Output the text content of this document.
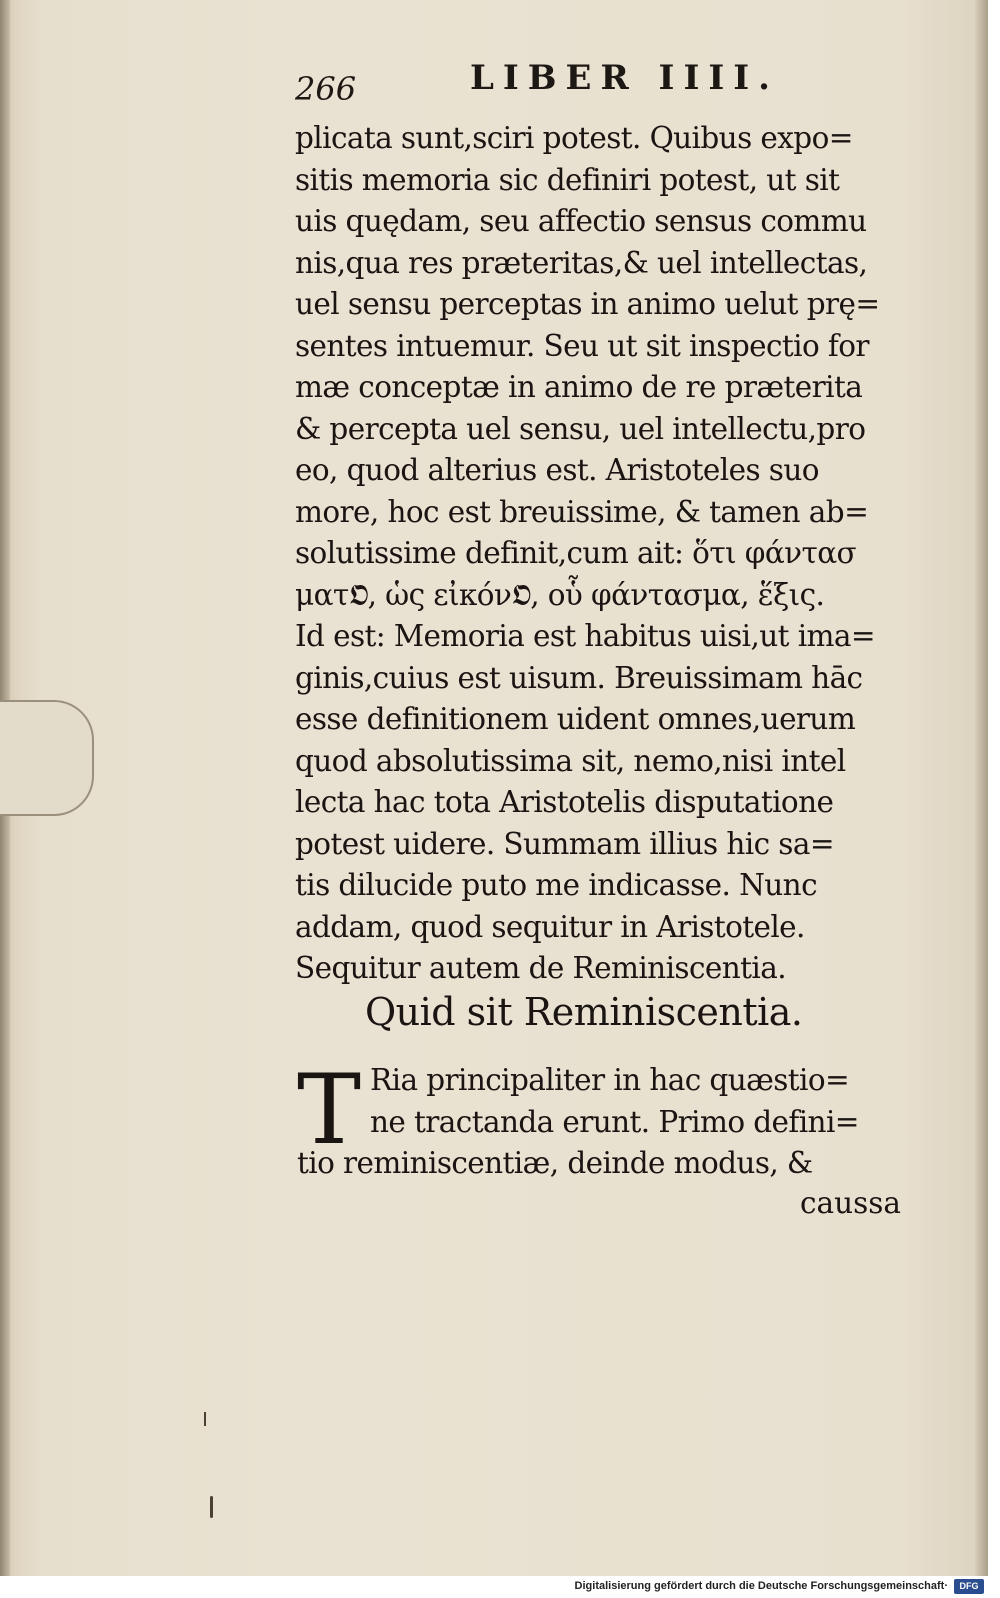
266	LIBER IIII.
plicata sunt,sciri potest. Quibus expo=
sitis memoria sic definiri potest, ut sit
uis quędam, seu affectio sensus commu
nis,qua res præteritas,& uel intellectas,
uel sensu perceptas in animo uelut prę=
sentes intuemur. Seu ut sit inspectio for
mæ conceptæ in animo de re præterita
& percepta uel sensu, uel intellectu,pro
eo, quod alterius est. Aristoteles suo
more, hoc est breuissime, & tamen ab=
solutissime definit,cum ait: ὅτι φάντασ
ματ𝕺, ὡς εἰκόν𝕺, οὗ φάντασμα, ἕξις.
Id est: Memoria est habitus uisi,ut ima=
ginis,cuius est uisum. Breuissimam hāc
esse definitionem uident omnes,uerum
quod absolutissima sit, nemo,nisi intel
lecta hac tota Aristotelis disputatione
potest uidere. Summam illius hic sa=
tis dilucide puto me indicasse. Nunc
addam, quod sequitur in Aristotele.
Sequitur autem de Reminiscentia.
Quid sit Reminiscentia.
T Ria principaliter in hac quæstio=
ne tractanda erunt. Primo defini=
tio reminiscentiæ, deinde modus, &
caussa
Digitalisierung gefördert durch die Deutsche Forschungsgemeinschaft·	DFG
